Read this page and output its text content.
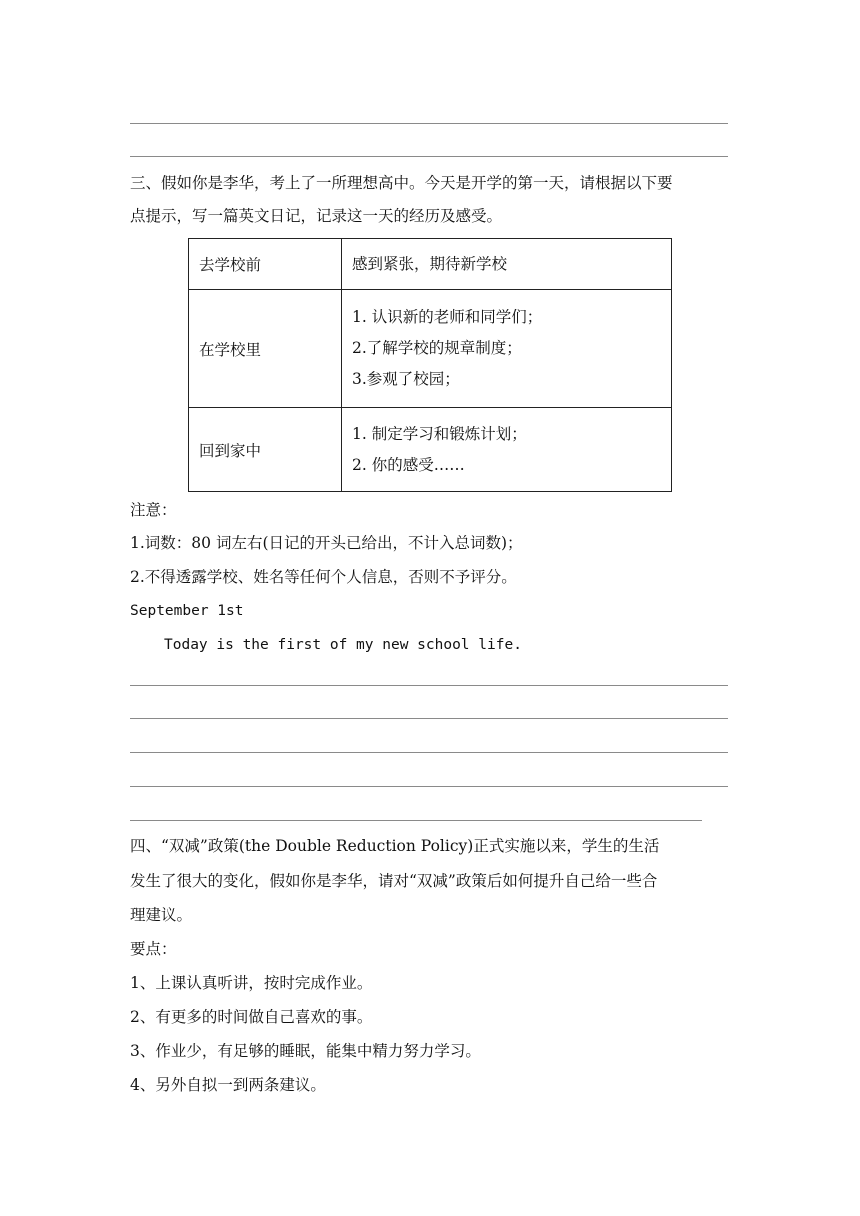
三、假如你是李华，考上了一所理想高中。今天是开学的第一天，请根据以下要
点提示，写一篇英文日记，记录这一天的经历及感受。
去学校前	感到紧张，期待新学校

在学校里	1. 认识新的老师和同学们；
2.了解学校的规章制度；
3.参观了校园；

回到家中	1. 制定学习和锻炼计划；
2. 你的感受……
注意：
1.词数：80 词左右(日记的开头已给出，不计入总词数)；
2.不得透露学校、姓名等任何个人信息，否则不予评分。
September 1st
Today is the first of my new school life.
四、“双减”政策(the Double Reduction Policy)正式实施以来，学生的生活
发生了很大的变化，假如你是李华，请对“双减”政策后如何提升自己给一些合
理建议。
要点：
1、上课认真听讲，按时完成作业。
2、有更多的时间做自己喜欢的事。
3、作业少，有足够的睡眠，能集中精力努力学习。
4、另外自拟一到两条建议。
